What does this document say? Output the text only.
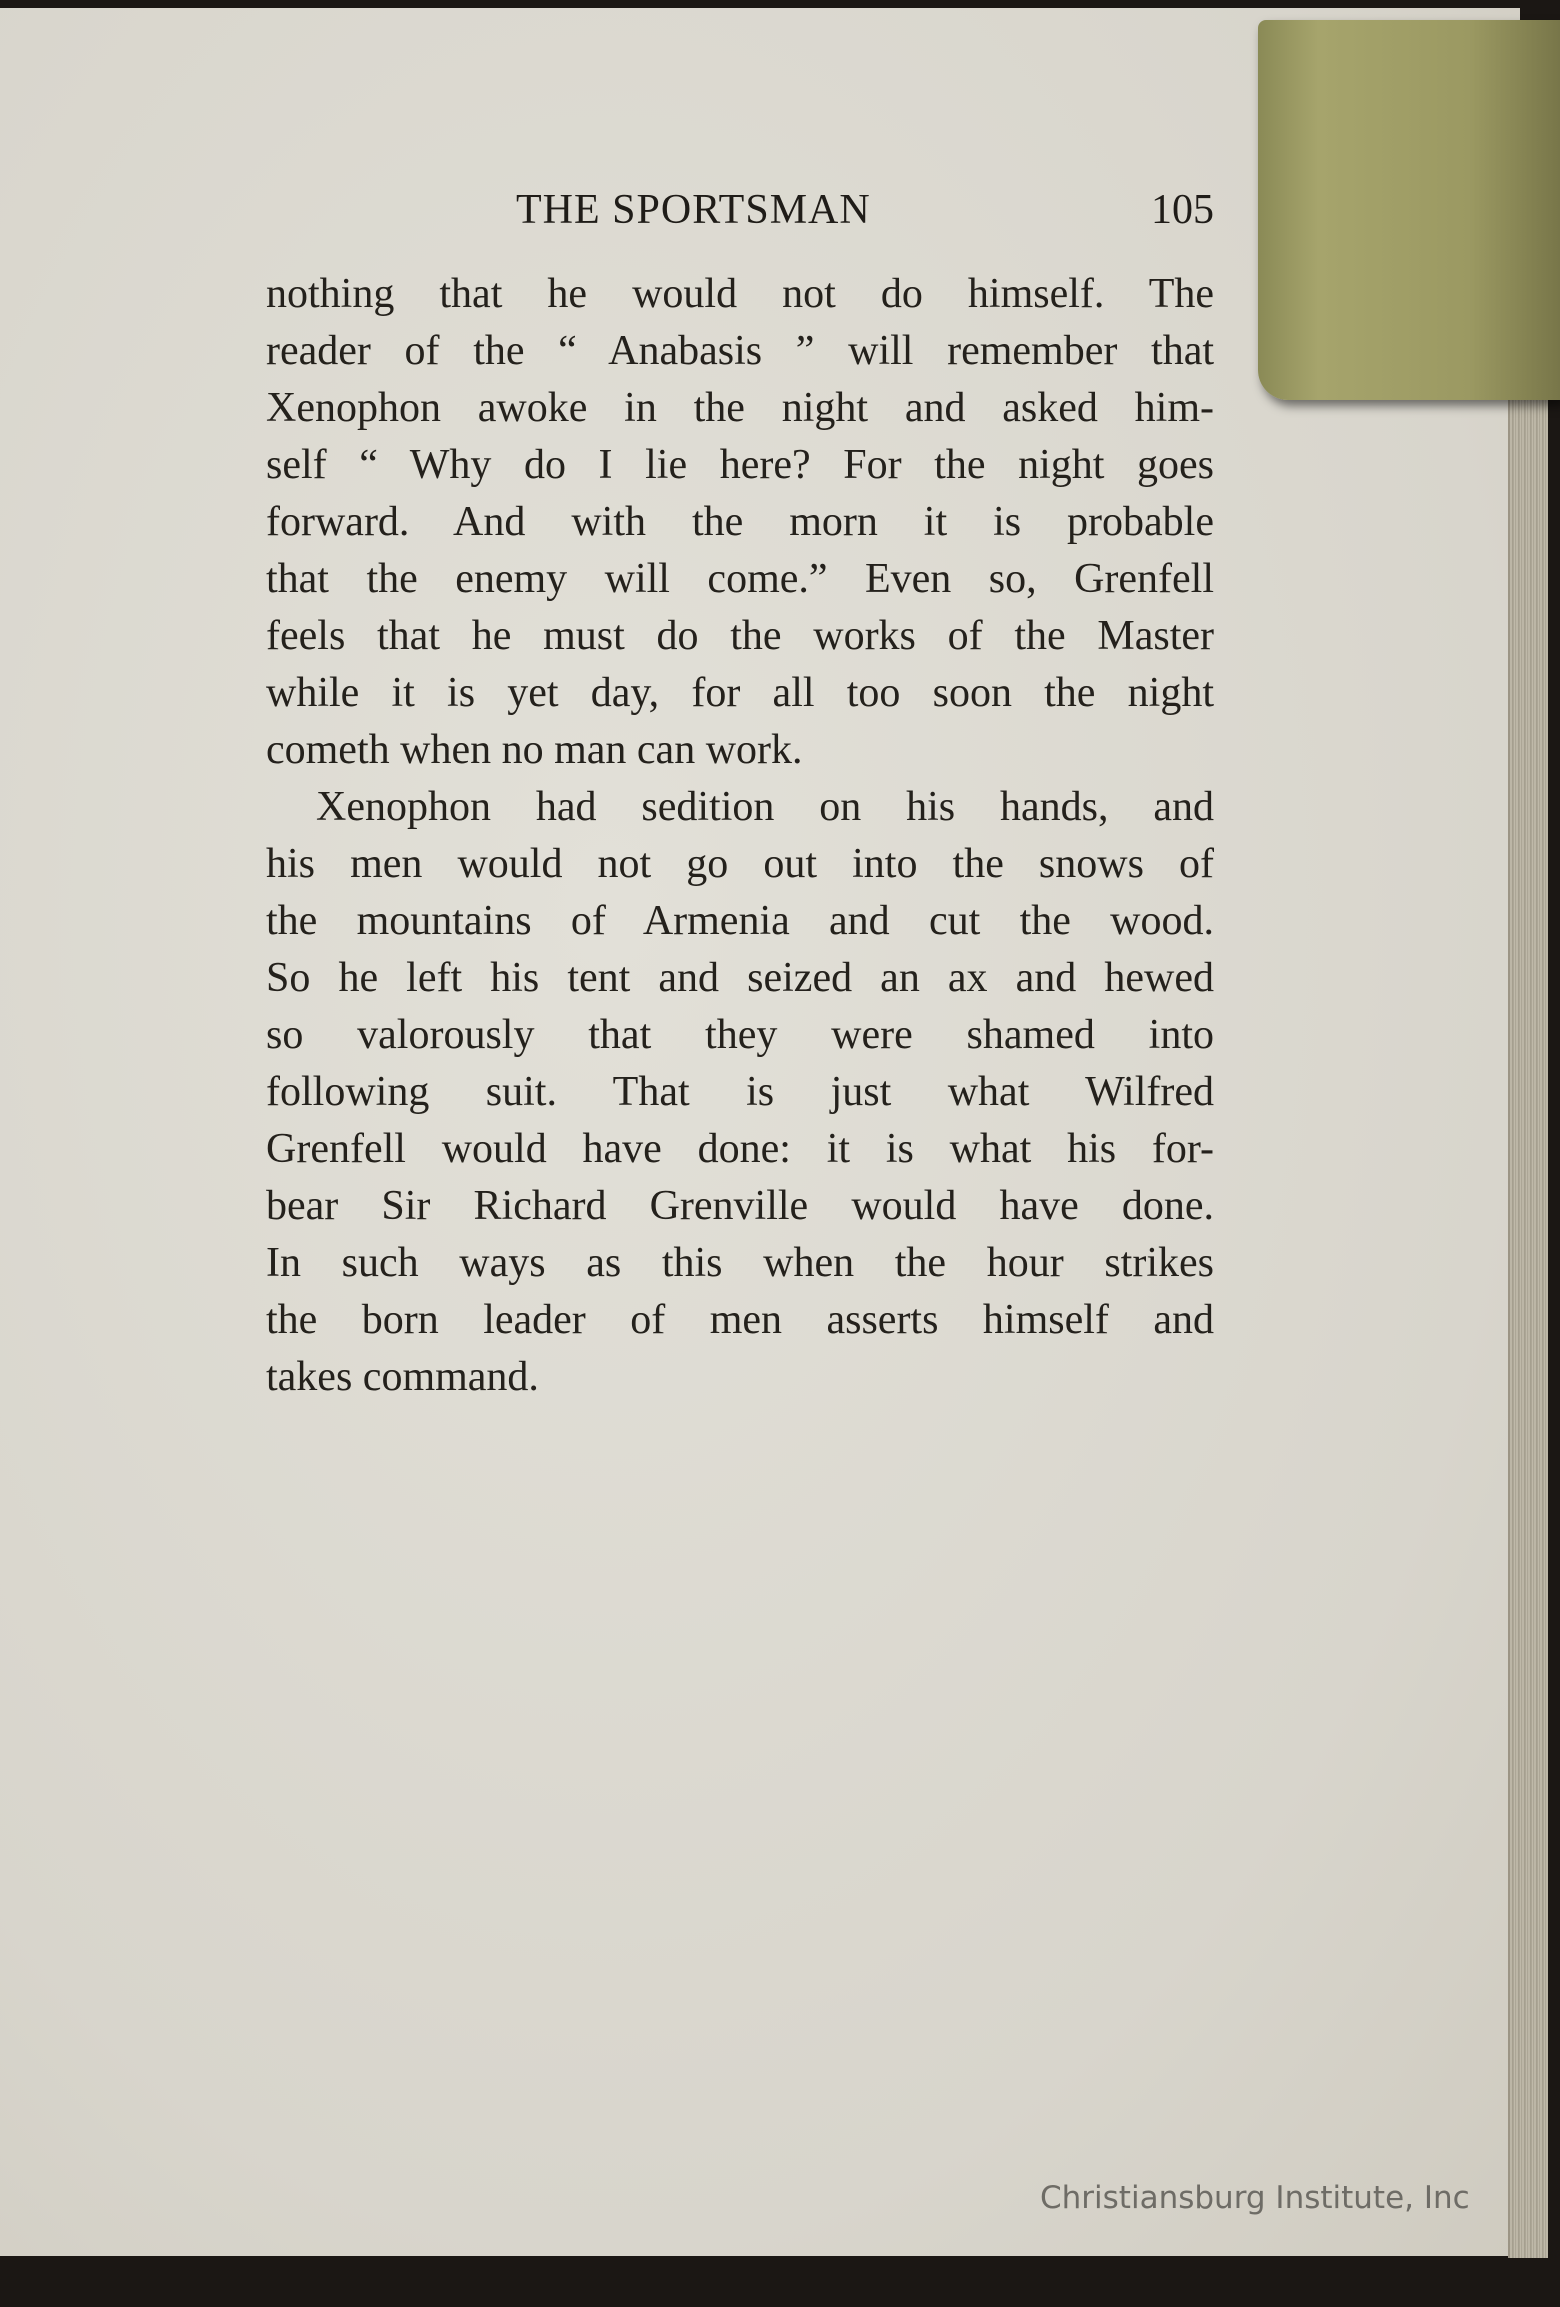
THE SPORTSMAN	105
nothing that he would not do himself. The
reader of the “ Anabasis ” will remember that
Xenophon awoke in the night and asked him-
self “ Why do I lie here? For the night goes
forward. And with the morn it is probable
that the enemy will come.” Even so, Grenfell
feels that he must do the works of the Master
while it is yet day, for all too soon the night
cometh when no man can work.
Xenophon had sedition on his hands, and
his men would not go out into the snows of
the mountains of Armenia and cut the wood.
So he left his tent and seized an ax and hewed
so valorously that they were shamed into
following suit. That is just what Wilfred
Grenfell would have done: it is what his for-
bear Sir Richard Grenville would have done.
In such ways as this when the hour strikes
the born leader of men asserts himself and
takes command.
Christiansburg Institute, Inc
